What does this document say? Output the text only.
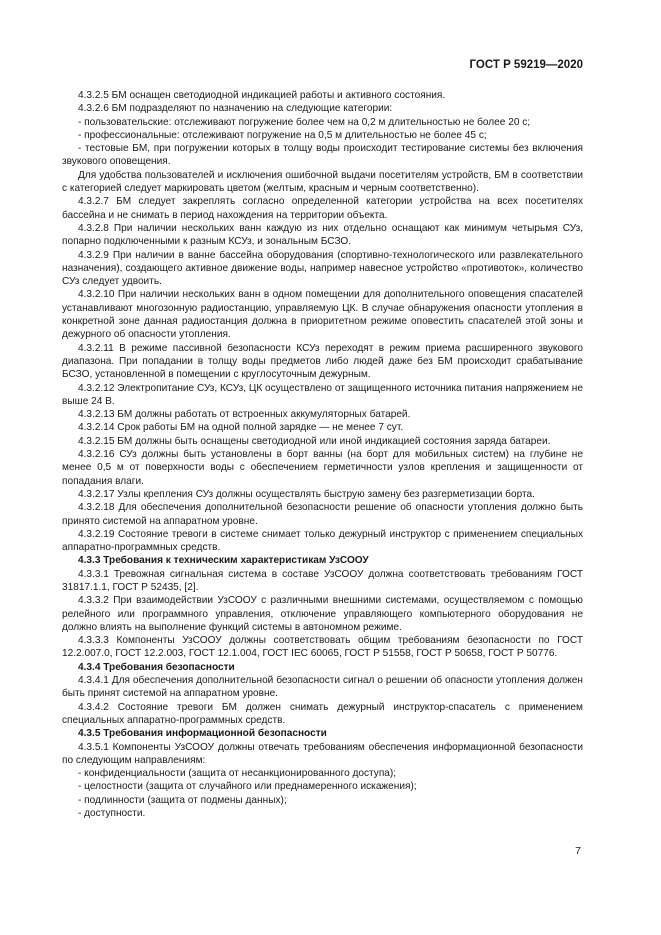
ГОСТ Р 59219—2020

4.3.2.5 БМ оснащен светодиодной индикацией работы и активного состояния.

4.3.2.6 БМ подразделяют по назначению на следующие категории:

- пользовательские: отслеживают погружение более чем на 0,2 м длительностью не более 20 с;

- профессиональные: отслеживают погружение на 0,5 м длительностью не более 45 с;

- тестовые БМ, при погружении которых в толщу воды происходит тестирование системы без включения звукового оповещения.

Для удобства пользователей и исключения ошибочной выдачи посетителям устройств, БМ в соответствии с категорией следует маркировать цветом (желтым, красным и черным соответственно).

4.3.2.7 БМ следует закреплять согласно определенной категории устройства на всех посетителях бассейна и не снимать в период нахождения на территории объекта.

4.3.2.8 При наличии нескольких ванн каждую из них отдельно оснащают как минимум четырьмя СУз, попарно подключенными к разным КСУз, и зональным БСЗО.

4.3.2.9 При наличии в ванне бассейна оборудования (спортивно-технологического или развлекательного назначения), создающего активное движение воды, например навесное устройство «противоток», количество СУз следует удвоить.

4.3.2.10 При наличии нескольких ванн в одном помещении для дополнительного оповещения спасателей устанавливают многозонную радиостанцию, управляемую ЦК. В случае обнаружения опасности утопления в конкретной зоне данная радиостанция должна в приоритетном режиме оповестить спасателей этой зоны и дежурного об опасности утопления.

4.3.2.11 В режиме пассивной безопасности КСУз переходят в режим приема расширенного звукового диапазона. При попадании в толщу воды предметов либо людей даже без БМ происходит срабатывание БСЗО, установленной в помещении с круглосуточным дежурным.

4.3.2.12 Электропитание СУз, КСУз, ЦК осуществлено от защищенного источника питания напряжением не выше 24 В.

4.3.2.13 БМ должны работать от встроенных аккумуляторных батарей.

4.3.2.14 Срок работы БМ на одной полной зарядке — не менее 7 сут.

4.3.2.15 БМ должны быть оснащены светодиодной или иной индикацией состояния заряда батареи.

4.3.2.16 СУз должны быть установлены в борт ванны (на борт для мобильных систем) на глубине не менее 0,5 м от поверхности воды с обеспечением герметичности узлов крепления и защищенности от попадания влаги.

4.3.2.17 Узлы крепления СУз должны осуществлять быструю замену без разгерметизации борта.

4.3.2.18 Для обеспечения дополнительной безопасности решение об опасности утопления должно быть принято системой на аппаратном уровне.

4.3.2.19 Состояние тревоги в системе снимает только дежурный инструктор с применением специальных аппаратно-программных средств.

4.3.3 Требования к техническим характеристикам УзСООУ

4.3.3.1 Тревожная сигнальная система в составе УзСООУ должна соответствовать требованиям ГОСТ 31817.1.1, ГОСТ Р 52435, [2].

4.3.3.2 При взаимодействии УзСООУ с различными внешними системами, осуществляемом с помощью релейного или программного управления, отключение управляющего компьютерного оборудования не должно влиять на выполнение функций системы в автономном режиме.

4.3.3.3 Компоненты УзСООУ должны соответствовать общим требованиям безопасности по ГОСТ 12.2.007.0, ГОСТ 12.2.003, ГОСТ 12.1.004, ГОСТ IEC 60065, ГОСТ Р 51558, ГОСТ Р 50658, ГОСТ Р 50776.

4.3.4 Требования безопасности

4.3.4.1 Для обеспечения дополнительной безопасности сигнал о решении об опасности утопления должен быть принят системой на аппаратном уровне.

4.3.4.2 Состояние тревоги БМ должен снимать дежурный инструктор-спасатель с применением специальных аппаратно-программных средств.

4.3.5 Требования информационной безопасности

4.3.5.1 Компоненты УзСООУ должны отвечать требованиям обеспечения информационной безопасности по следующим направлениям:

- конфиденциальности (защита от несанкционированного доступа);

- целостности (защита от случайного или преднамеренного искажения);

- подлинности (защита от подмены данных);

- доступности.

7
